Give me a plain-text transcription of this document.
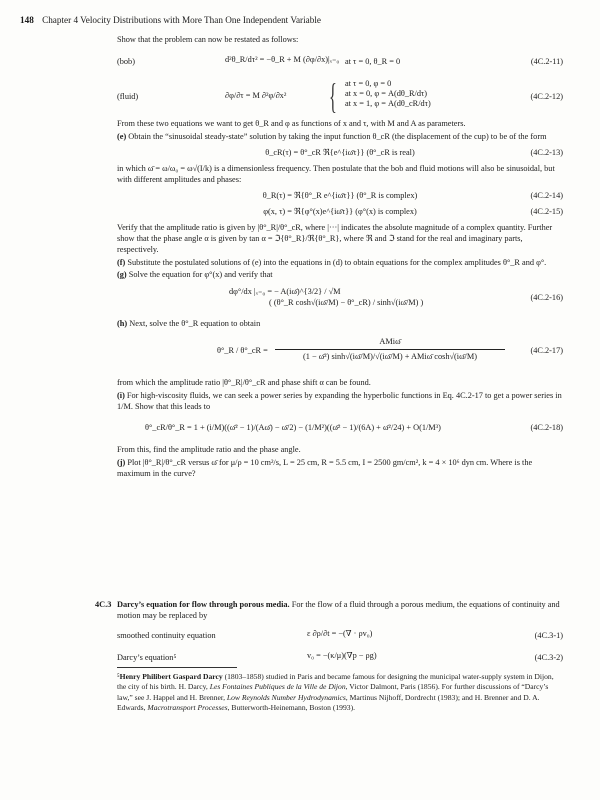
148 Chapter 4 Velocity Distributions with More Than One Independent Variable

Show that the problem can now be restated as follows:

(bob)	d²θ_R/dτ² = −θ_R + M (∂φ/∂x)|ₓ₌₀ at τ = 0, θ_R = 0	(4C.2-11)
(fluid)	∂φ/∂τ = M ∂²φ/∂x² { at τ = 0, φ = 0
at x = 0, φ = A(dθ_R/dτ)
at x = 1, φ = A(dθ_cR/dτ)
(4C.2-12)

From these two equations we want to get θ_R and φ as functions of x and τ, with M and A as parameters.

(e) Obtain the “sinusoidal steady-state” solution by taking the input function θ_cR (the displacement of the cup) to be of the form

θ_cR(τ) = θ°_cR ℜ{e^{iω̄τ}} (θ°_cR is real)	(4C.2-13)

in which ω̄ = ω/ω₀ = ω√(I/k) is a dimensionless frequency. Then postulate that the bob and fluid motions will also be sinusoidal, but with different amplitudes and phases:

θ_R(τ) = ℜ{θ°_R e^{iω̄τ}} (θ°_R is complex)	(4C.2-14)
φ(x, τ) = ℜ{φ°(x)e^{iω̄τ}} (φ°(x) is complex)	(4C.2-15)

Verify that the amplitude ratio is given by |θ°_R|/θ°_cR, where |···| indicates the absolute magnitude of a complex quantity. Further show that the phase angle α is given by tan α = ℑ{θ°_R}/ℜ{θ°_R}, where ℜ and ℑ stand for the real and imaginary parts, respectively.

(f) Substitute the postulated solutions of (e) into the equations in (d) to obtain equations for the complex amplitudes θ°_R and φ°.

(g) Solve the equation for φ°(x) and verify that

dφ°/dx |ₓ₌₀ = − A(iω̄)^{3/2} / √M
( (θ°_R cosh√(iω̄/M) − θ°_cR) / sinh√(iω̄/M) )
(4C.2-16)

(h) Next, solve the θ°_R equation to obtain

θ°_R / θ°_cR =
AMiω̄
(1 − ω̄²) sinh√(iω̄/M)/√(iω̄/M) + AMiω̄ cosh√(iω̄/M)
(4C.2-17)

from which the amplitude ratio |θ°_R|/θ°_cR and phase shift α can be found.

(i) For high-viscosity fluids, we can seek a power series by expanding the hyperbolic functions in Eq. 4C.2-17 to get a power series in 1/M. Show that this leads to

θ°_cR/θ°_R = 1 + (i/M)((ω̄² − 1)/(Aω̄) − ω̄/2) − (1/M²)((ω̄² − 1)/(6A) + ω̄²/24) + O(1/M³)	(4C.2-18)

From this, find the amplitude ratio and the phase angle.

(j) Plot |θ°_R|/θ°_cR versus ω̄ for μ/ρ = 10 cm²/s, L = 25 cm, R = 5.5 cm, I = 2500 gm/cm², k = 4 × 10⁶ dyn cm. Where is the maximum in the curve?

4C.3 Darcy’s equation for flow through porous media. For the flow of a fluid through a porous medium, the equations of continuity and motion may be replaced by

smoothed continuity equation	ε ∂ρ/∂t = −(∇ · ρv₀)	(4C.3-1)
Darcy’s equation⁵	v₀ = −(κ/μ)(∇p − ρg)	(4C.3-2)
⁵Henry Philibert Gaspard Darcy (1803–1858) studied in Paris and became famous for designing the municipal water-supply system in Dijon, the city of his birth. H. Darcy, Les Fontaines Publiques de la Ville de Dijon, Victor Dalmont, Paris (1856). For further discussions of “Darcy’s law,” see J. Happel and H. Brenner, Low Reynolds Number Hydrodynamics, Martinus Nijhoff, Dordrecht (1983); and H. Brenner and D. A. Edwards, Macrotransport Processes, Butterworth-Heinemann, Boston (1993).
